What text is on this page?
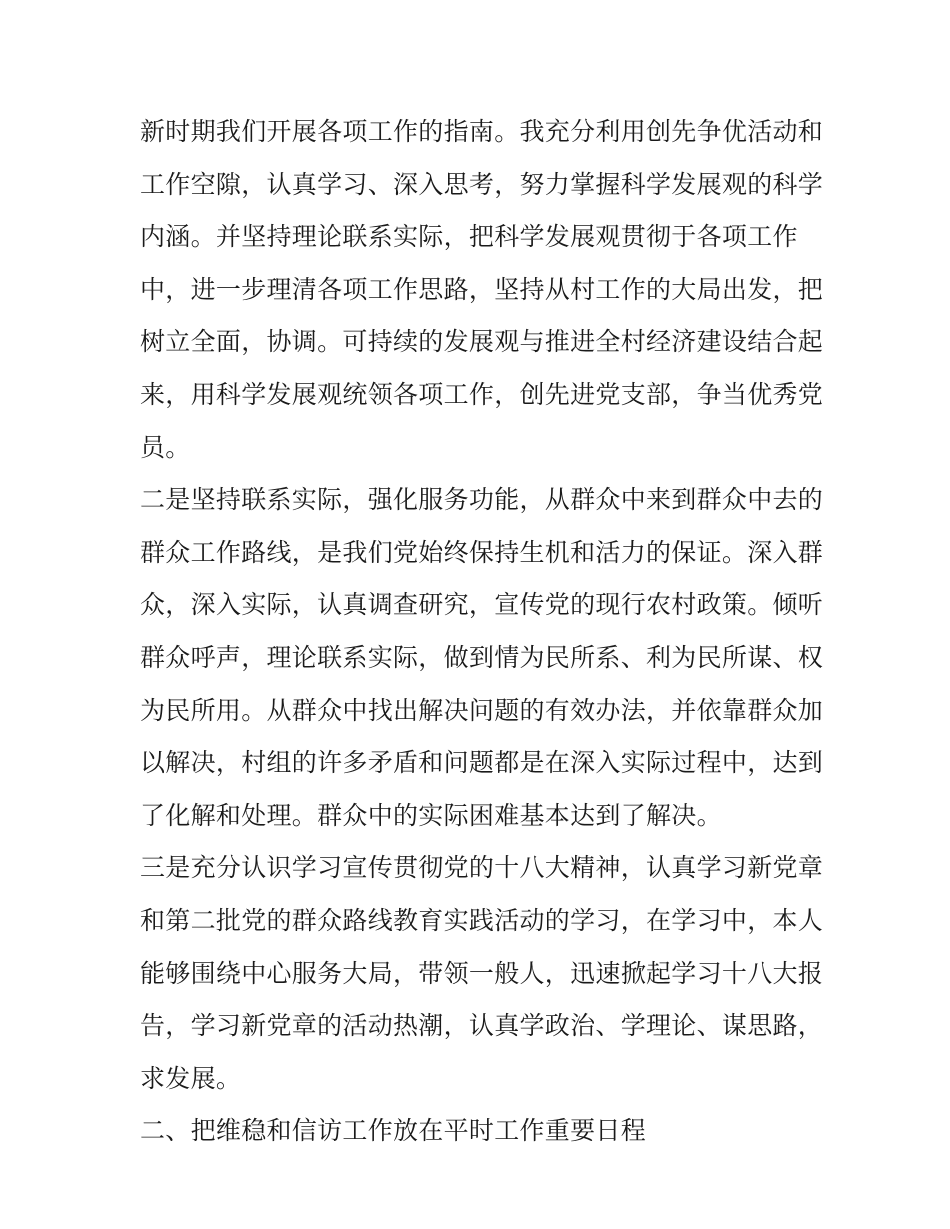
新时期我们开展各项工作的指南。我充分利用创先争优活动和
工作空隙，认真学习、深入思考，努力掌握科学发展观的科学
内涵。并坚持理论联系实际，把科学发展观贯彻于各项工作
中，进一步理清各项工作思路，坚持从村工作的大局出发，把
树立全面，协调。可持续的发展观与推进全村经济建设结合起
来，用科学发展观统领各项工作，创先进党支部，争当优秀党
员。
二是坚持联系实际，强化服务功能，从群众中来到群众中去的
群众工作路线，是我们党始终保持生机和活力的保证。深入群
众，深入实际，认真调查研究，宣传党的现行农村政策。倾听
群众呼声，理论联系实际，做到情为民所系、利为民所谋、权
为民所用。从群众中找出解决问题的有效办法，并依靠群众加
以解决，村组的许多矛盾和问题都是在深入实际过程中，达到
了化解和处理。群众中的实际困难基本达到了解决。
三是充分认识学习宣传贯彻党的十八大精神，认真学习新党章
和第二批党的群众路线教育实践活动的学习，在学习中，本人
能够围绕中心服务大局，带领一般人，迅速掀起学习十八大报
告，学习新党章的活动热潮，认真学政治、学理论、谋思路，
求发展。
二、把维稳和信访工作放在平时工作重要日程
